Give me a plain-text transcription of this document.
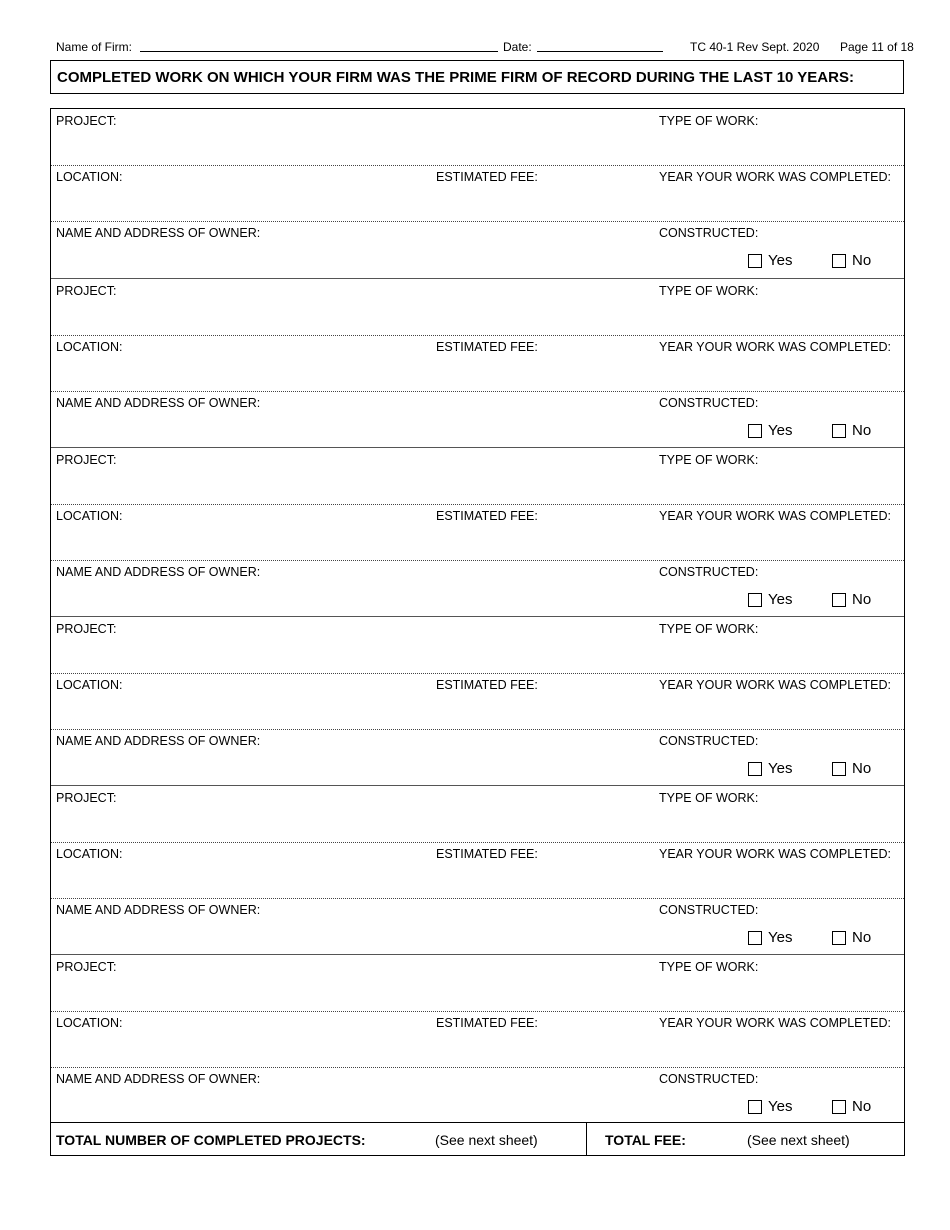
Name of Firm:	Date:	TC 40-1 Rev Sept. 2020 Page 11 of 18
COMPLETED WORK ON WHICH YOUR FIRM WAS THE PRIME FIRM OF RECORD DURING THE LAST 10 YEARS:
PROJECT:	TYPE OF WORK:
LOCATION:	ESTIMATED FEE:	YEAR YOUR WORK WAS COMPLETED:
NAME AND ADDRESS OF OWNER:	CONSTRUCTED:
Yes	No
PROJECT:	TYPE OF WORK:
LOCATION:	ESTIMATED FEE:	YEAR YOUR WORK WAS COMPLETED:
NAME AND ADDRESS OF OWNER:	CONSTRUCTED:
Yes	No
PROJECT:	TYPE OF WORK:
LOCATION:	ESTIMATED FEE:	YEAR YOUR WORK WAS COMPLETED:
NAME AND ADDRESS OF OWNER:	CONSTRUCTED:
Yes	No
PROJECT:	TYPE OF WORK:
LOCATION:	ESTIMATED FEE:	YEAR YOUR WORK WAS COMPLETED:
NAME AND ADDRESS OF OWNER:	CONSTRUCTED:
Yes	No
PROJECT:	TYPE OF WORK:
LOCATION:	ESTIMATED FEE:	YEAR YOUR WORK WAS COMPLETED:
NAME AND ADDRESS OF OWNER:	CONSTRUCTED:
Yes	No
PROJECT:	TYPE OF WORK:
LOCATION:	ESTIMATED FEE:	YEAR YOUR WORK WAS COMPLETED:
NAME AND ADDRESS OF OWNER:	CONSTRUCTED:
Yes	No
TOTAL NUMBER OF COMPLETED PROJECTS:	(See next sheet)	TOTAL FEE:	(See next sheet)
